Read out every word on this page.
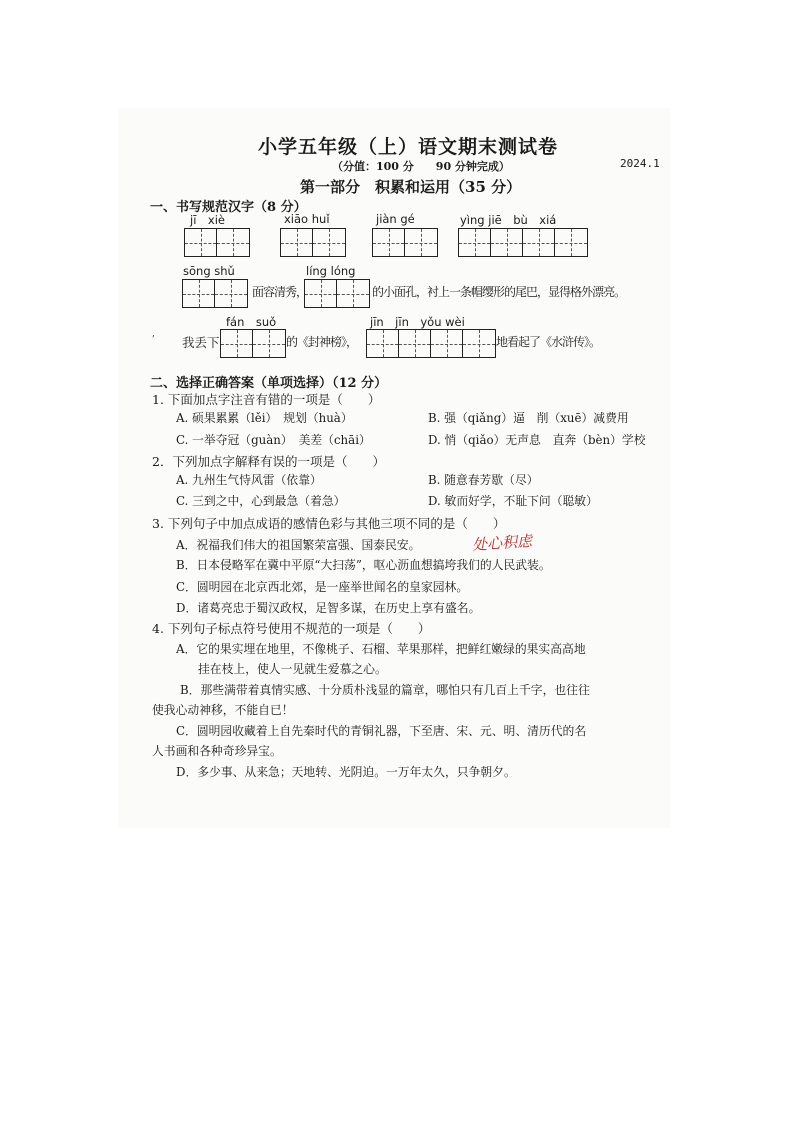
小学五年级（上）语文期末测试卷
（分值：100 分　　90 分钟完成）	2024.1
第一部分　积累和运用（35 分）
一、书写规范汉字（8 分）
jī　xiè	xiāo huǐ	jiàn gé	yìng jiē　bù　xiá
sōng shǔ
面容清秀，
líng lóng
的小面孔，衬上一条帽缨形的尾巴，显得格外漂亮。
我丢下
fán　suǒ
的《封神榜》，
jīn　jīn　yǒu wèi
地看起了《水浒传》。
‚
二、选择正确答案（单项选择）（12 分）
1. 下面加点字注音有错的一项是（　　）
A. 硕果累累（lěi）　规划（huà）	B. 强（qiǎng）逼　削（xuē）减费用
C. 一举夺冠（guàn）　美差（chāi）	D. 悄（qiǎo）无声息　直奔（bèn）学校
2．下列加点字解释有误的一项是（　　）
A. 九州生气恃风雷（依靠）	B. 随意春芳歇（尽）
C. 三到之中，心到最急（着急）	D. 敏而好学，不耻下问（聪敏）
3. 下列句子中加点成语的感情色彩与其他三项不同的是（　　）
A．祝福我们伟大的祖国繁荣富强、国泰民安。
B．日本侵略军在冀中平原“大扫荡”，呕心沥血想搞垮我们的人民武装。
C．圆明园在北京西北郊，是一座举世闻名的皇家园林。
D．诸葛亮忠于蜀汉政权，足智多谋，在历史上享有盛名。
处心积虑
4. 下列句子标点符号使用不规范的一项是（　　）
A．它的果实埋在地里，不像桃子、石榴、苹果那样，把鲜红嫩绿的果实高高地
挂在枝上，使人一见就生爱慕之心。
B．那些满带着真情实感、十分质朴浅显的篇章，哪怕只有几百上千字，也往往
使我心动神移，不能自已！
C．圆明园收藏着上自先秦时代的青铜礼器，下至唐、宋、元、明、清历代的名
人书画和各种奇珍异宝。
D．多少事、从来急；天地转、光阴迫。一万年太久，只争朝夕。
